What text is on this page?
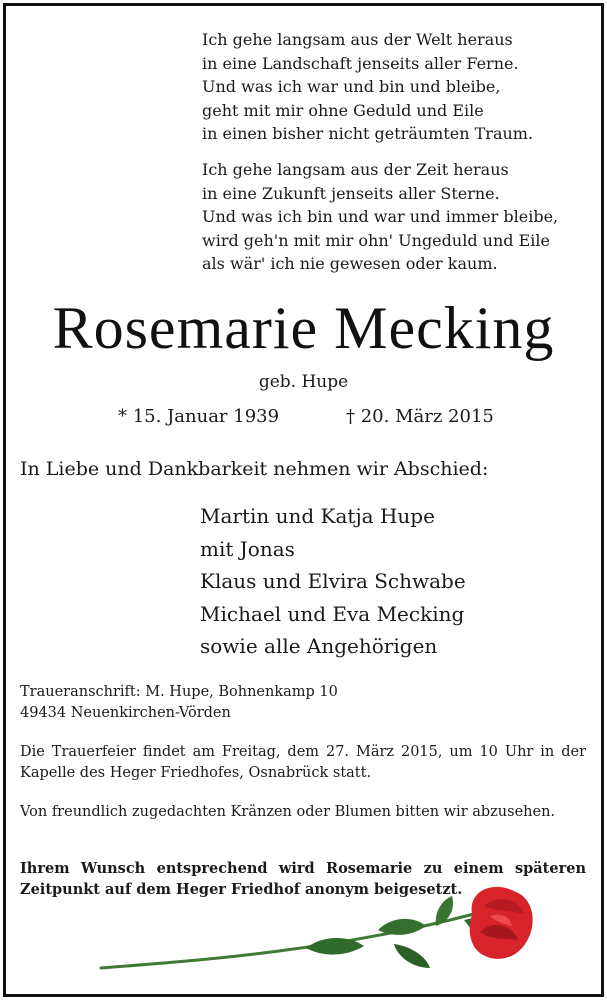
Ich gehe langsam aus der Welt heraus
in eine Landschaft jenseits aller Ferne.
Und was ich war und bin und bleibe,
geht mit mir ohne Geduld und Eile
in einen bisher nicht geträumten Traum.
Ich gehe langsam aus der Zeit heraus
in eine Zukunft jenseits aller Sterne.
Und was ich bin und war und immer bleibe,
wird geh'n mit mir ohn' Ungeduld und Eile
als wär' ich nie gewesen oder kaum.
Rosemarie Mecking
geb. Hupe
* 15. Januar 1939	† 20. März 2015
In Liebe und Dankbarkeit nehmen wir Abschied:
Martin und Katja Hupe
mit Jonas
Klaus und Elvira Schwabe
Michael und Eva Mecking
sowie alle Angehörigen
Traueranschrift: M. Hupe, Bohnenkamp 10
49434 Neuenkirchen-Vörden
Die Trauerfeier findet am Freitag, dem 27. März 2015, um 10 Uhr in der Kapelle des Heger Friedhofes, Osnabrück statt.
Von freundlich zugedachten Kränzen oder Blumen bitten wir abzusehen.
Ihrem Wunsch entsprechend wird Rosemarie zu einem späteren Zeitpunkt auf dem Heger Friedhof anonym beigesetzt.
